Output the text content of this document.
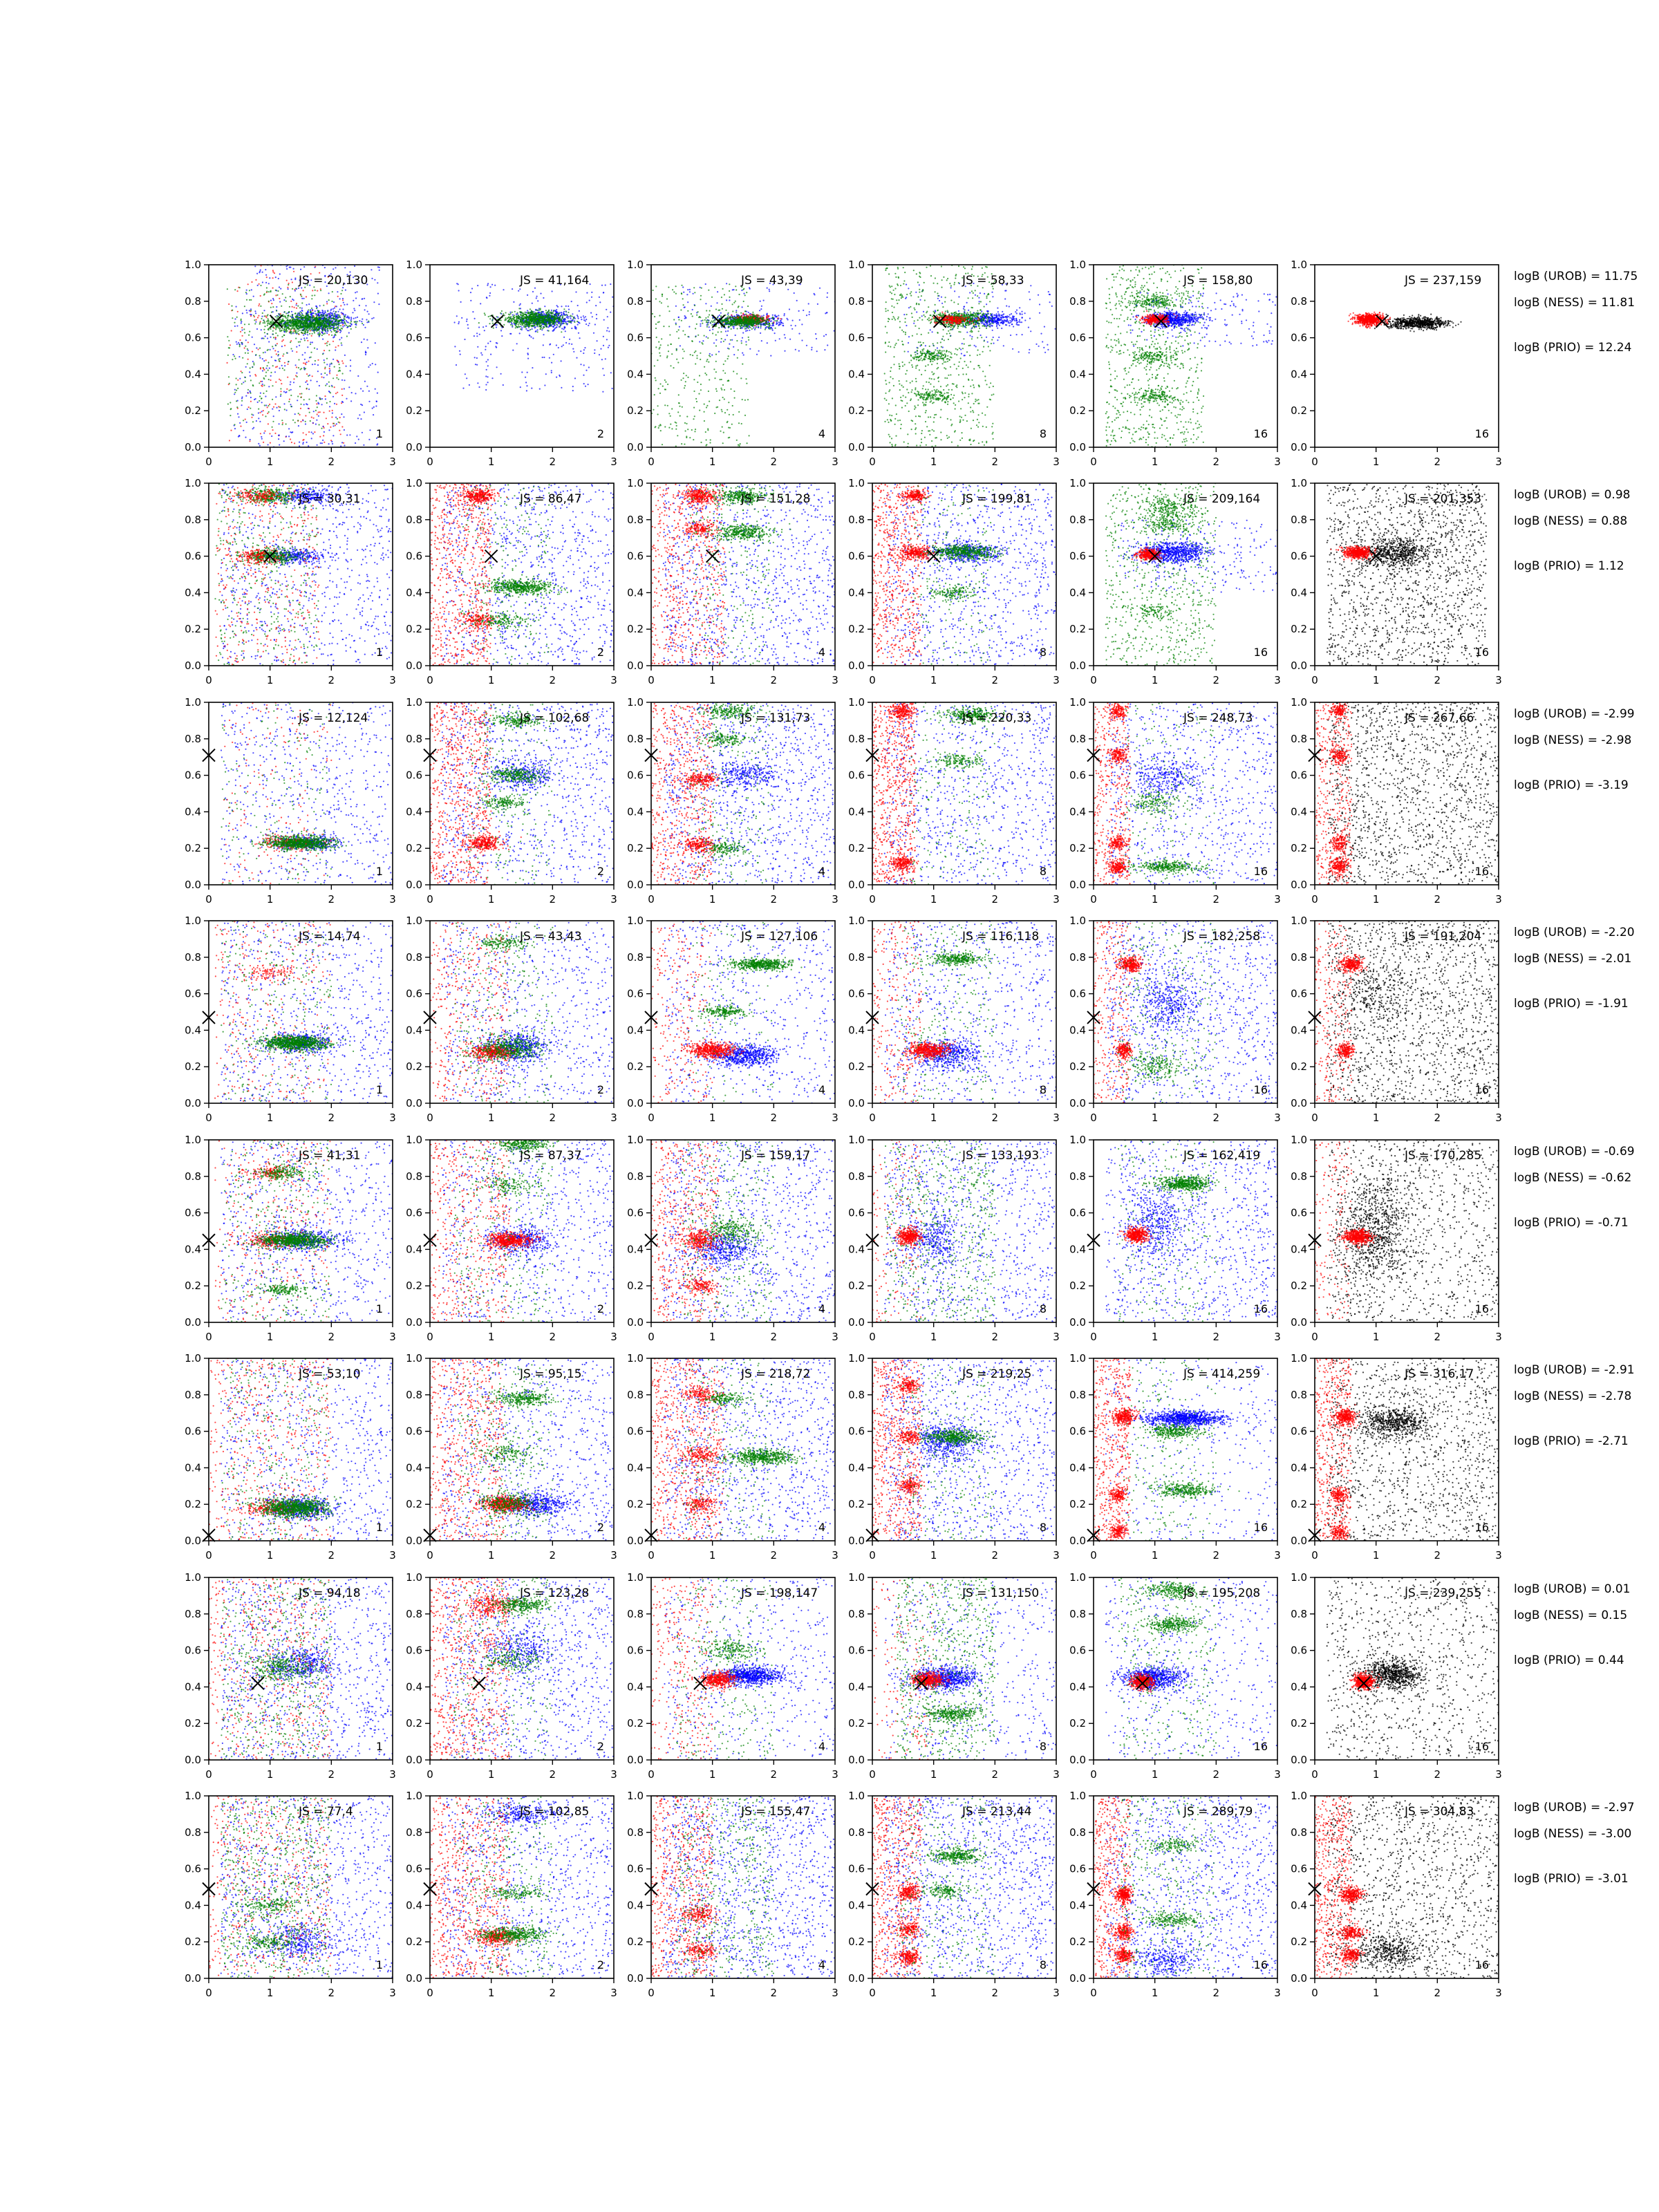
0	1	2	3
0.0
0.2
0.4
0.6
0.8
1.0
JS = 20,130
1
0	1	2	3
0.0
0.2
0.4
0.6
0.8
1.0
JS = 41,164
2
0	1	2	3
0.0
0.2
0.4
0.6
0.8
1.0
JS = 43,39
4
0	1	2	3
0.0
0.2
0.4
0.6
0.8
1.0
JS = 58,33
8
0	1	2	3
0.0
0.2
0.4
0.6
0.8
1.0
JS = 158,80
16
0	1	2	3
0.0
0.2
0.4
0.6
0.8
1.0
JS = 237,159
16
logB (UROB) = 11.75
logB (NESS) = 11.81
logB (PRIO) = 12.24
0	1	2	3
0.0
0.2
0.4
0.6
0.8
1.0
JS = 30,31
1
0	1	2	3
0.0
0.2
0.4
0.6
0.8
1.0
JS = 86,47
2
0	1	2	3
0.0
0.2
0.4
0.6
0.8
1.0
JS = 151,28
4
0	1	2	3
0.0
0.2
0.4
0.6
0.8
1.0
JS = 199,81
8
0	1	2	3
0.0
0.2
0.4
0.6
0.8
1.0
JS = 209,164
16
0	1	2	3
0.0
0.2
0.4
0.6
0.8
1.0
JS = 201,353
16
logB (UROB) = 0.98
logB (NESS) = 0.88
logB (PRIO) = 1.12
0	1	2	3
0.0
0.2
0.4
0.6
0.8
1.0
JS = 12,124
1
0	1	2	3
0.0
0.2
0.4
0.6
0.8
1.0
JS = 102,68
2
0	1	2	3
0.0
0.2
0.4
0.6
0.8
1.0
JS = 131,73
4
0	1	2	3
0.0
0.2
0.4
0.6
0.8
1.0
JS = 220,33
8
0	1	2	3
0.0
0.2
0.4
0.6
0.8
1.0
JS = 248,73
16
0	1	2	3
0.0
0.2
0.4
0.6
0.8
1.0
JS = 267,66
16
logB (UROB) = -2.99
logB (NESS) = -2.98
logB (PRIO) = -3.19
0	1	2	3
0.0
0.2
0.4
0.6
0.8
1.0
JS = 14,74
1
0	1	2	3
0.0
0.2
0.4
0.6
0.8
1.0
JS = 43,43
2
0	1	2	3
0.0
0.2
0.4
0.6
0.8
1.0
JS = 127,106
4
0	1	2	3
0.0
0.2
0.4
0.6
0.8
1.0
JS = 116,118
8
0	1	2	3
0.0
0.2
0.4
0.6
0.8
1.0
JS = 182,258
16
0	1	2	3
0.0
0.2
0.4
0.6
0.8
1.0
JS = 191,204
16
logB (UROB) = -2.20
logB (NESS) = -2.01
logB (PRIO) = -1.91
0	1	2	3
0.0
0.2
0.4
0.6
0.8
1.0
JS = 41,31
1
0	1	2	3
0.0
0.2
0.4
0.6
0.8
1.0
JS = 87,37
2
0	1	2	3
0.0
0.2
0.4
0.6
0.8
1.0
JS = 159,17
4
0	1	2	3
0.0
0.2
0.4
0.6
0.8
1.0
JS = 133,193
8
0	1	2	3
0.0
0.2
0.4
0.6
0.8
1.0
JS = 162,419
16
0	1	2	3
0.0
0.2
0.4
0.6
0.8
1.0
JS = 170,285
16
logB (UROB) = -0.69
logB (NESS) = -0.62
logB (PRIO) = -0.71
0	1	2	3
0.0
0.2
0.4
0.6
0.8
1.0
JS = 53,10
1
0	1	2	3
0.0
0.2
0.4
0.6
0.8
1.0
JS = 95,15
2
0	1	2	3
0.0
0.2
0.4
0.6
0.8
1.0
JS = 218,72
4
0	1	2	3
0.0
0.2
0.4
0.6
0.8
1.0
JS = 219,25
8
0	1	2	3
0.0
0.2
0.4
0.6
0.8
1.0
JS = 414,259
16
0	1	2	3
0.0
0.2
0.4
0.6
0.8
1.0
JS = 316,17
16
logB (UROB) = -2.91
logB (NESS) = -2.78
logB (PRIO) = -2.71
0	1	2	3
0.0
0.2
0.4
0.6
0.8
1.0
JS = 94,18
1
0	1	2	3
0.0
0.2
0.4
0.6
0.8
1.0
JS = 123,28
2
0	1	2	3
0.0
0.2
0.4
0.6
0.8
1.0
JS = 198,147
4
0	1	2	3
0.0
0.2
0.4
0.6
0.8
1.0
JS = 131,150
8
0	1	2	3
0.0
0.2
0.4
0.6
0.8
1.0
JS = 195,208
16
0	1	2	3
0.0
0.2
0.4
0.6
0.8
1.0
JS = 239,255
16
logB (UROB) = 0.01
logB (NESS) = 0.15
logB (PRIO) = 0.44
0	1	2	3
0.0
0.2
0.4
0.6
0.8
1.0
JS = 77,4
1
0	1	2	3
0.0
0.2
0.4
0.6
0.8
1.0
JS = 102,85
2
0	1	2	3
0.0
0.2
0.4
0.6
0.8
1.0
JS = 155,47
4
0	1	2	3
0.0
0.2
0.4
0.6
0.8
1.0
JS = 213,44
8
0	1	2	3
0.0
0.2
0.4
0.6
0.8
1.0
JS = 289,79
16
0	1	2	3
0.0
0.2
0.4
0.6
0.8
1.0
JS = 304,83
16
logB (UROB) = -2.97
logB (NESS) = -3.00
logB (PRIO) = -3.01
